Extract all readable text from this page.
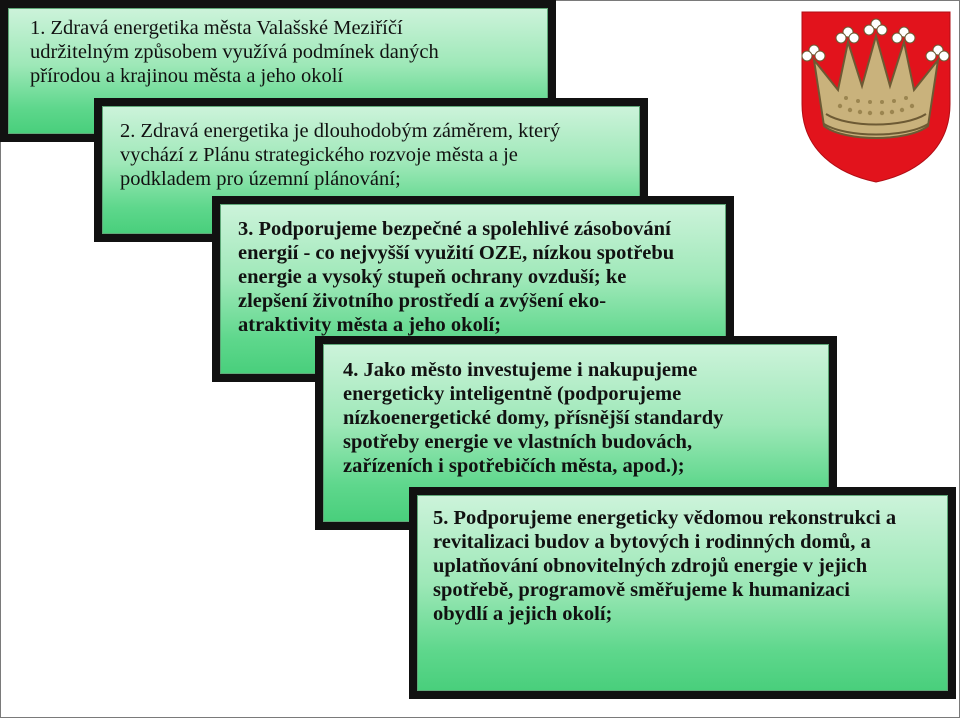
1. Zdravá energetika města Valašské Meziříčí
udržitelným způsobem využívá podmínek daných
přírodou a krajinou města a jeho okolí
2. Zdravá energetika je dlouhodobým záměrem, který
vychází z Plánu strategického rozvoje města a je
podkladem pro územní plánování;
3. Podporujeme bezpečné a spolehlivé zásobování
energií - co nejvyšší využití OZE, nízkou spotřebu
energie a vysoký stupeň ochrany ovzduší; ke
zlepšení životního prostředí a zvýšení eko-
atraktivity města a jeho okolí;
4. Jako město investujeme i nakupujeme
energeticky inteligentně (podporujeme
nízkoenergetické domy, přísnější standardy
spotřeby energie ve vlastních budovách,
zařízeních i spotřebičích města, apod.);
5. Podporujeme energeticky vědomou rekonstrukci a
revitalizaci budov a bytových i rodinných domů, a
uplatňování obnovitelných zdrojů energie v jejich
spotřebě, programově směřujeme k humanizaci
obydlí a jejich okolí;
